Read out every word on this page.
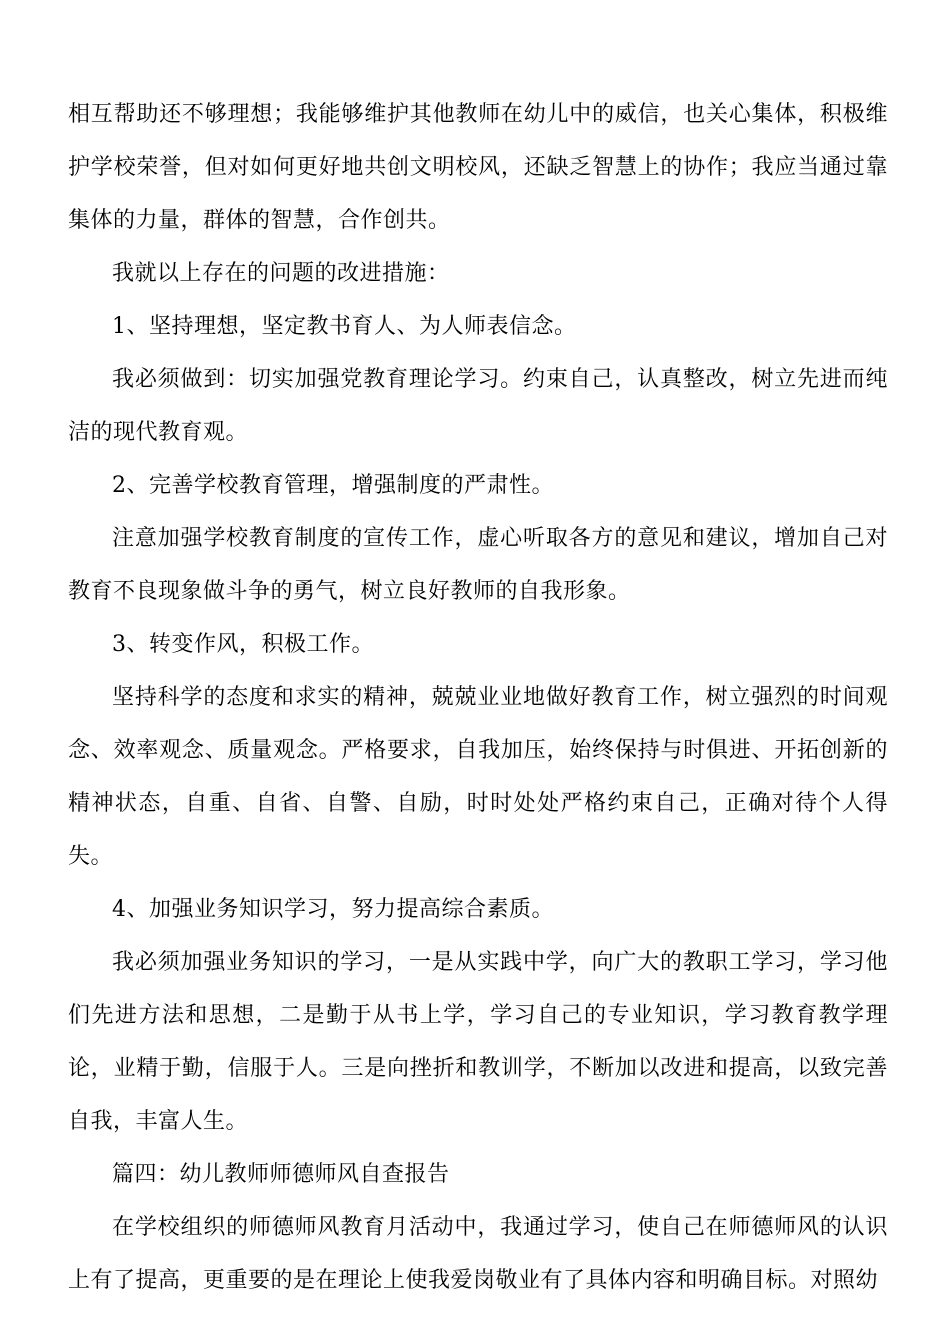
相互帮助还不够理想；我能够维护其他教师在幼儿中的威信，也关心集体，积极维护学校荣誉，但对如何更好地共创文明校风，还缺乏智慧上的协作；我应当通过靠集体的力量，群体的智慧，合作创共。

我就以上存在的问题的改进措施：

1、坚持理想，坚定教书育人、为人师表信念。

我必须做到：切实加强党教育理论学习。约束自己，认真整改，树立先进而纯洁的现代教育观。

2、完善学校教育管理，增强制度的严肃性。

注意加强学校教育制度的宣传工作，虚心听取各方的意见和建议，增加自己对教育不良现象做斗争的勇气，树立良好教师的自我形象。

3、转变作风，积极工作。

坚持科学的态度和求实的精神，兢兢业业地做好教育工作，树立强烈的时间观念、效率观念、质量观念。严格要求，自我加压，始终保持与时俱进、开拓创新的精神状态，自重、自省、自警、自励，时时处处严格约束自己，正确对待个人得失。

4、加强业务知识学习，努力提高综合素质。

我必须加强业务知识的学习，一是从实践中学，向广大的教职工学习，学习他们先进方法和思想，二是勤于从书上学，学习自己的专业知识，学习教育教学理论，业精于勤，信服于人。三是向挫折和教训学，不断加以改进和提高，以致完善自我，丰富人生。

篇四：幼儿教师师德师风自查报告

在学校组织的师德师风教育月活动中，我通过学习，使自己在师德师风的认识上有了提高，更重要的是在理论上使我爱岗敬业有了具体内容和明确目标。对照幼
